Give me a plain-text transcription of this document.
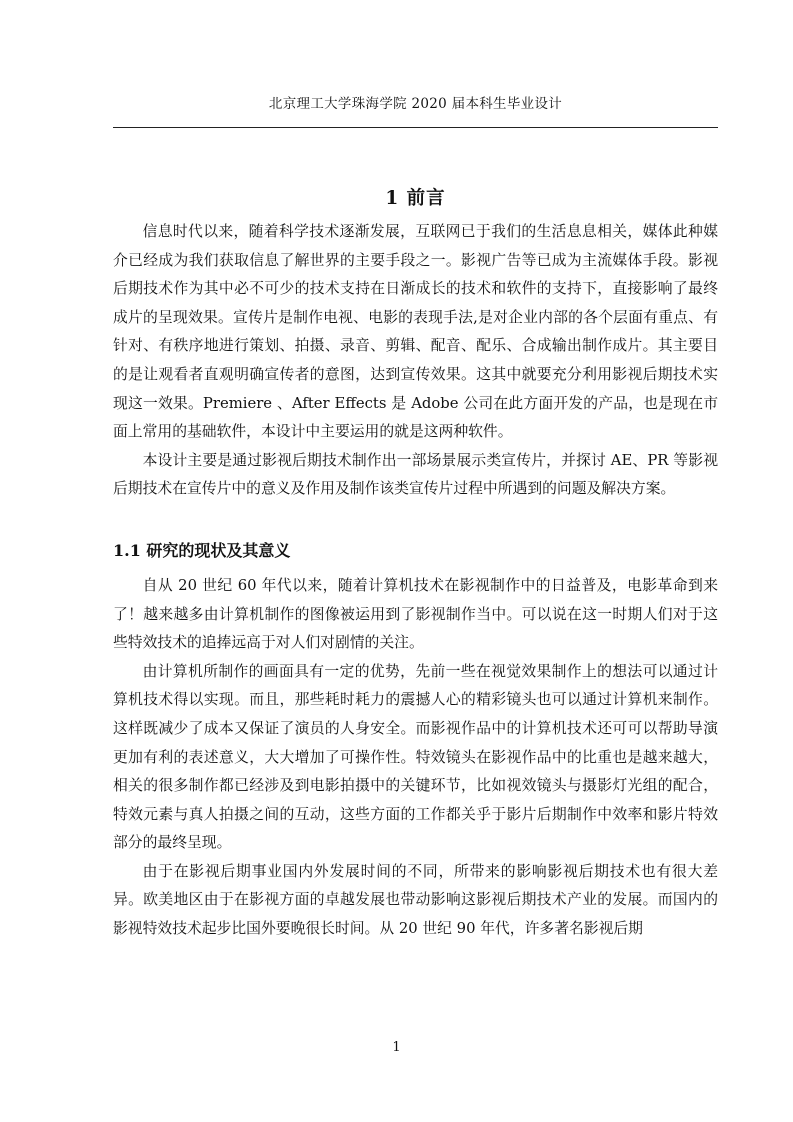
北京理工大学珠海学院 2020 届本科生毕业设计
1 前言

信息时代以来，随着科学技术逐渐发展，互联网已于我们的生活息息相关，媒体此种媒介已经成为我们获取信息了解世界的主要手段之一。影视广告等已成为主流媒体手段。影视后期技术作为其中必不可少的技术支持在日渐成长的技术和软件的支持下，直接影响了最终成片的呈现效果。宣传片是制作电视、电影的表现手法,是对企业内部的各个层面有重点、有针对、有秩序地进行策划、拍摄、录音、剪辑、配音、配乐、合成输出制作成片。其主要目的是让观看者直观明确宣传者的意图，达到宣传效果。这其中就要充分利用影视后期技术实现这一效果。Premiere 、After Effects 是 Adobe 公司在此方面开发的产品，也是现在市面上常用的基础软件，本设计中主要运用的就是这两种软件。

本设计主要是通过影视后期技术制作出一部场景展示类宣传片，并探讨 AE、PR 等影视后期技术在宣传片中的意义及作用及制作该类宣传片过程中所遇到的问题及解决方案。

1.1 研究的现状及其意义

自从 20 世纪 60 年代以来，随着计算机技术在影视制作中的日益普及，电影革命到来了！越来越多由计算机制作的图像被运用到了影视制作当中。可以说在这一时期人们对于这些特效技术的追捧远高于对人们对剧情的关注。

由计算机所制作的画面具有一定的优势，先前一些在视觉效果制作上的想法可以通过计算机技术得以实现。而且，那些耗时耗力的震撼人心的精彩镜头也可以通过计算机来制作。这样既减少了成本又保证了演员的人身安全。而影视作品中的计算机技术还可可以帮助导演更加有利的表述意义，大大增加了可操作性。特效镜头在影视作品中的比重也是越来越大，相关的很多制作都已经涉及到电影拍摄中的关键环节，比如视效镜头与摄影灯光组的配合，特效元素与真人拍摄之间的互动，这些方面的工作都关乎于影片后期制作中效率和影片特效部分的最终呈现。

由于在影视后期事业国内外发展时间的不同，所带来的影响影视后期技术也有很大差异。欧美地区由于在影视方面的卓越发展也带动影响这影视后期技术产业的发展。而国内的影视特效技术起步比国外要晚很长时间。从 20 世纪 90 年代，许多著名影视后期

1
